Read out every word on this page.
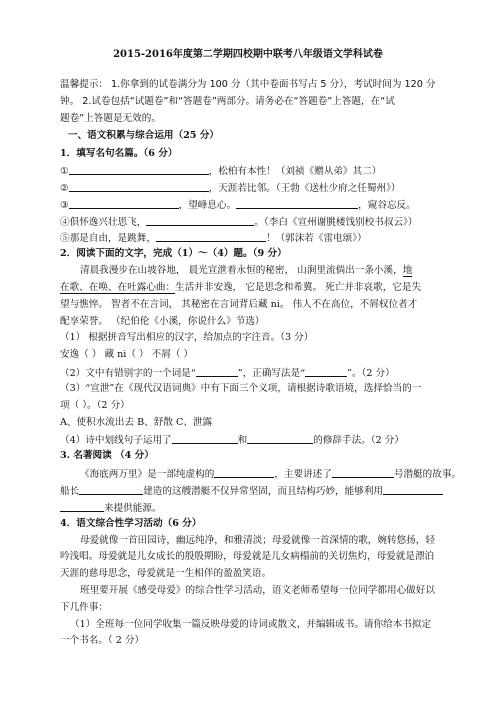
2015-2016年度第二学期四校期中联考八年级语文学科试卷
温馨提示： 1.你拿到的试卷满分为 100 分（其中卷面书写占 5 分），考试时间为 120 分
钟。 2.试卷包括“试题卷”和“答题卷”两部分。请务必在“答题卷”上答题，在“试
题卷”上答题是无效的。
一、语文积累与综合运用（25 分）
1．填写名句名篇。（6 分）
①	，松柏有本性！（刘祯《赠从弟》其二）
②	，天涯若比邻。（王勃《送杜少府之任蜀州》）
③	，望峰息心。	，窥谷忘反。
④俱怀逸兴壮思飞，	。（李白《宣州谢朓楼饯别校书叔云》）
⑤那是自由，是跳舞，	！（郭沫若《雷电颂》）
2．阅读下面的文字，完成（1）～（4）题。（9 分）
清晨我漫步在山坡谷地， 晨光宣泄着永恒的秘密， 山涧里流倘出一条小溪，地
在歌、在唤、在吐露心曲：生活并非安逸， 它是思念和希冀。 死亡并非哀歌，它是失
望与憔悴。 智者不在言词， 其秘密在言词背后藏 ni。 伟人不在高位，不屑权位者才
配享荣誉。 （纪伯伦《小溪，你说什么》节选）
（1） 根据拼音写出相应的汉字，给加点的字注音。（3 分）
安逸（ ） 藏 ni（ ） 不屑（ ）
（2）文中有错别字的一个词是“	”，正确写法是“	”。（2 分）
（3）“宣泄”在《现代汉语词典》中有下面三个义项，请根据诗歌语境，选择恰当的一
项（ ）。（2 分）
A、使积水流出去 B、舒散 C、泄露
（4）诗中划线句子运用了	和	的修辞手法。（2 分）
3. 名著阅读 （4 分）
《海底两万里》是一部纯虚构的	，主要讲述了	号潜艇的故事。
船长	建造的这艘潜艇不仅异常坚固，而且结构巧妙，能够利用
来提供能源。
4．语文综合性学习活动（6 分）
母爱就像一首田园诗，幽远纯净，和雅清淡；母爱就像一首深情的歌，婉转悠扬，轻
吟浅唱。母爱就是儿女成长的殷殷期盼，母爱就是儿女病榻前的关切焦灼，母爱就是漂泊
天涯的慈母思念，母爱就是一生相伴的盈盈笑语。
班里要开展《感受母爱》的综合性学习活动，语文老师希望每一位同学都用心做好以
下几件事：
（1）全班每一位同学收集一篇反映母爱的诗词或散文，并编辑成书。请你给本书拟定
一个书名。（ 2 分）
